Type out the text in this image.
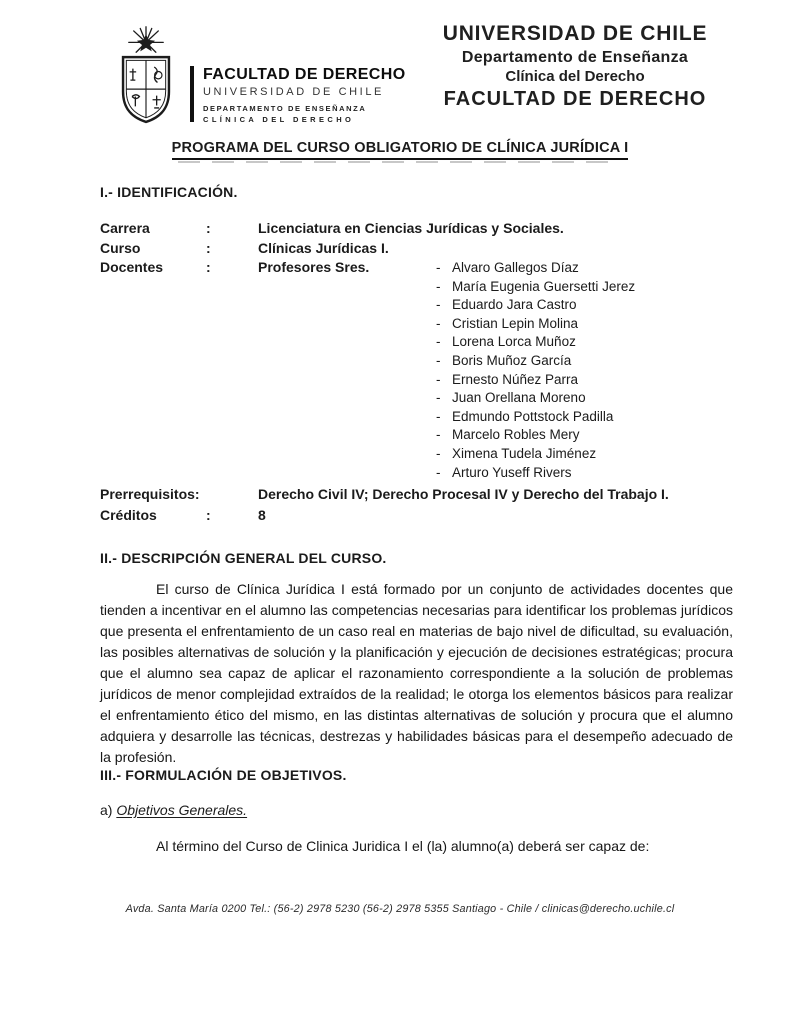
FACULTAD DE DERECHO
UNIVERSIDAD DE CHILE
DEPARTAMENTO DE ENSEÑANZA
CLÍNICA DEL DERECHO
UNIVERSIDAD DE CHILE
Departamento de Enseñanza
Clínica del Derecho
FACULTAD DE DERECHO
PROGRAMA DEL CURSO OBLIGATORIO DE CLÍNICA JURÍDICA I
I.- IDENTIFICACIÓN.
Carrera	:	Licenciatura en Ciencias Jurídicas y Sociales.
Curso	:	Clínicas Jurídicas I.
Docentes	:	Profesores Sres.	- Alvaro Gallegos Díaz
- María Eugenia Guersetti Jerez
- Eduardo Jara Castro
- Cristian Lepin Molina
- Lorena Lorca Muñoz
- Boris Muñoz García
- Ernesto Núñez Parra
- Juan Orellana Moreno
- Edmundo Pottstock Padilla
- Marcelo Robles Mery
- Ximena Tudela Jiménez
- Arturo Yuseff Rivers
Prerrequisitos:	Derecho Civil IV; Derecho Procesal IV y Derecho del Trabajo I.
Créditos	:	8
II.- DESCRIPCIÓN GENERAL DEL CURSO.
El curso de Clínica Jurídica I está formado por un conjunto de actividades docentes que tienden a incentivar en el alumno las competencias necesarias para identificar los problemas jurídicos que presenta el enfrentamiento de un caso real en materias de bajo nivel de dificultad, su evaluación, las posibles alternativas de solución y la planificación y ejecución de decisiones estratégicas; procura que el alumno sea capaz de aplicar el razonamiento correspondiente a la solución de problemas jurídicos de menor complejidad extraídos de la realidad; le otorga los elementos básicos para realizar el enfrentamiento ético del mismo, en las distintas alternativas de solución y procura que el alumno adquiera y desarrolle las técnicas, destrezas y habilidades básicas para el desempeño adecuado de la profesión.
III.- FORMULACIÓN DE OBJETIVOS.
a) Objetivos Generales.
Al término del Curso de Clinica Juridica I el (la) alumno(a) deberá ser capaz de:
Avda. Santa María 0200 Tel.: (56-2) 2978 5230 (56-2) 2978 5355 Santiago - Chile / clinicas@derecho.uchile.cl
